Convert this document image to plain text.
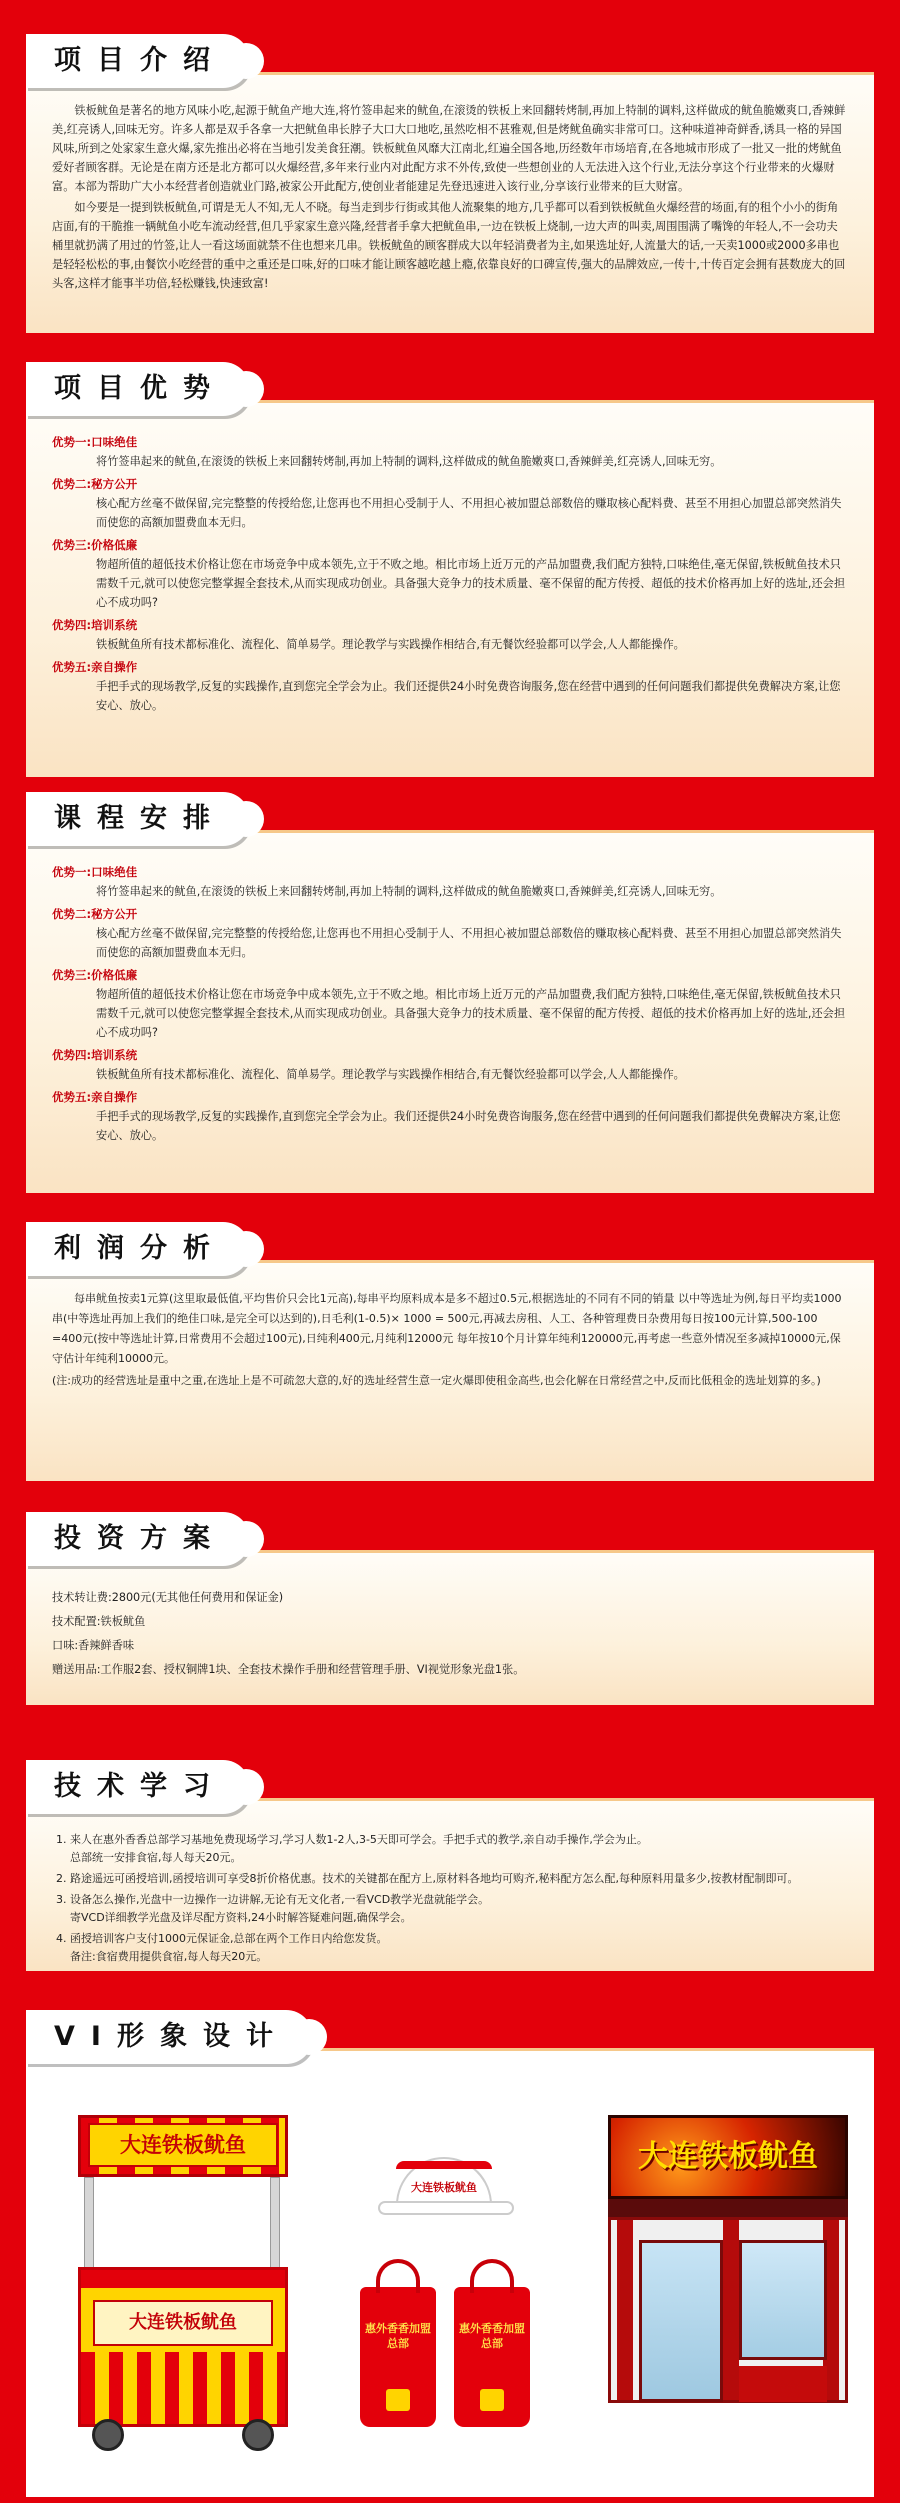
项目介绍

铁板鱿鱼是著名的地方风味小吃,起源于鱿鱼产地大连,将竹签串起来的鱿鱼,在滚烫的铁板上来回翻转烤制,再加上特制的调料,这样做成的鱿鱼脆嫩爽口,香辣鲜美,红亮诱人,回味无穷。许多人都是双手各拿一大把鱿鱼串长脖子大口大口地吃,虽然吃相不甚雅观,但是烤鱿鱼确实非常可口。这种味道神奇鲜香,诱具一格的异国风味,所到之处家家生意火爆,家先推出必将在当地引发美食狂潮。铁板鱿鱼风靡大江南北,红遍全国各地,历经数年市场培育,在各地城市形成了一批又一批的烤鱿鱼爱好者顾客群。无论是在南方还是北方都可以火爆经营,多年来行业内对此配方求不外传,致使一些想创业的人无法进入这个行业,无法分享这个行业带来的火爆财富。本部为帮助广大小本经营者创造就业门路,被家公开此配方,使创业者能建足先登迅速进入该行业,分享该行业带来的巨大财富。

如今要是一提到铁板鱿鱼,可谓是无人不知,无人不晓。每当走到步行街或其他人流聚集的地方,几乎都可以看到铁板鱿鱼火爆经营的场面,有的租个小小的街角店面,有的干脆推一辆鱿鱼小吃车流动经营,但几乎家家生意兴隆,经营者手拿大把鱿鱼串,一边在铁板上烧制,一边大声的叫卖,周围围满了嘴馋的年轻人,不一会功夫桶里就扔满了用过的竹签,让人一看这场面就禁不住也想来几串。铁板鱿鱼的顾客群成大以年轻消费者为主,如果选址好,人流量大的话,一天卖1000或2000多串也是轻轻松松的事,由餐饮小吃经营的重中之重还是口味,好的口味才能让顾客越吃越上瘾,依靠良好的口碑宣传,强大的品牌效应,一传十,十传百定会拥有甚数庞大的回头客,这样才能事半功倍,轻松赚钱,快速致富!

项目优势
优势一:口味绝佳
将竹签串起来的鱿鱼,在滚烫的铁板上来回翻转烤制,再加上特制的调料,这样做成的鱿鱼脆嫩爽口,香辣鲜美,红亮诱人,回味无穷。
优势二:秘方公开
核心配方丝毫不做保留,完完整整的传授给您,让您再也不用担心受制于人、不用担心被加盟总部数倍的赚取核心配料费、甚至不用担心加盟总部突然消失而使您的高额加盟费血本无归。
优势三:价格低廉
物超所值的超低技术价格让您在市场竞争中成本领先,立于不败之地。相比市场上近万元的产品加盟费,我们配方独特,口味绝佳,毫无保留,铁板鱿鱼技术只需数千元,就可以使您完整掌握全套技术,从而实现成功创业。具备强大竞争力的技术质量、毫不保留的配方传授、超低的技术价格再加上好的选址,还会担心不成功吗?
优势四:培训系统
铁板鱿鱼所有技术都标准化、流程化、简单易学。理论教学与实践操作相结合,有无餐饮经验都可以学会,人人都能操作。
优势五:亲自操作
手把手式的现场教学,反复的实践操作,直到您完全学会为止。我们还提供24小时免费咨询服务,您在经营中遇到的任何问题我们都提供免费解决方案,让您安心、放心。
课程安排
优势一:口味绝佳
将竹签串起来的鱿鱼,在滚烫的铁板上来回翻转烤制,再加上特制的调料,这样做成的鱿鱼脆嫩爽口,香辣鲜美,红亮诱人,回味无穷。
优势二:秘方公开
核心配方丝毫不做保留,完完整整的传授给您,让您再也不用担心受制于人、不用担心被加盟总部数倍的赚取核心配料费、甚至不用担心加盟总部突然消失而使您的高额加盟费血本无归。
优势三:价格低廉
物超所值的超低技术价格让您在市场竞争中成本领先,立于不败之地。相比市场上近万元的产品加盟费,我们配方独特,口味绝佳,毫无保留,铁板鱿鱼技术只需数千元,就可以使您完整掌握全套技术,从而实现成功创业。具备强大竞争力的技术质量、毫不保留的配方传授、超低的技术价格再加上好的选址,还会担心不成功吗?
优势四:培训系统
铁板鱿鱼所有技术都标准化、流程化、简单易学。理论教学与实践操作相结合,有无餐饮经验都可以学会,人人都能操作。
优势五:亲自操作
手把手式的现场教学,反复的实践操作,直到您完全学会为止。我们还提供24小时免费咨询服务,您在经营中遇到的任何问题我们都提供免费解决方案,让您安心、放心。
利润分析

每串鱿鱼按卖1元算(这里取最低值,平均售价只会比1元高),每串平均原料成本是多不超过0.5元,根据选址的不同有不同的销量 以中等选址为例,每日平均卖1000串(中等选址再加上我们的绝佳口味,是完全可以达到的),日毛利(1-0.5)× 1000 = 500元,再减去房租、人工、各种管理费日杂费用每日按100元计算,500-100 =400元(按中等选址计算,日常费用不会超过100元),日纯利400元,月纯利12000元 每年按10个月计算年纯利120000元,再考虑一些意外情况至多减掉10000元,保守估计年纯利10000元。

(注:成功的经营选址是重中之重,在选址上是不可疏忽大意的,好的选址经营生意一定火爆即使租金高些,也会化解在日常经营之中,反而比低租金的选址划算的多。)

投资方案
技术转让费:2800元(无其他任何费用和保证金)
技术配置:铁板鱿鱼
口味:香辣鲜香味
赠送用品:工作服2套、授权铜牌1块、全套技术操作手册和经营管理手册、VI视觉形象光盘1张。
技术学习
1. 来人在惠外香香总部学习基地免费现场学习,学习人数1-2人,3-5天即可学会。手把手式的教学,亲自动手操作,学会为止。
总部统一安排食宿,每人每天20元。
2. 路途遥远可函授培训,函授培训可享受8折价格优惠。技术的关键都在配方上,原材料各地均可购齐,秘料配方怎么配,每种原料用量多少,按教材配制即可。
3. 设备怎么操作,光盘中一边操作一边讲解,无论有无文化者,一看VCD教学光盘就能学会。
寄VCD详细教学光盘及详尽配方资料,24小时解答疑难问题,确保学会。
4. 函授培训客户支付1000元保证金,总部在两个工作日内给您发货。
备注:食宿费用提供食宿,每人每天20元。
VI形象设计
大连铁板鱿鱼
大连铁板鱿鱼
大连铁板鱿鱼
惠外香香加盟总部
惠外香香加盟总部
大连铁板鱿鱼
